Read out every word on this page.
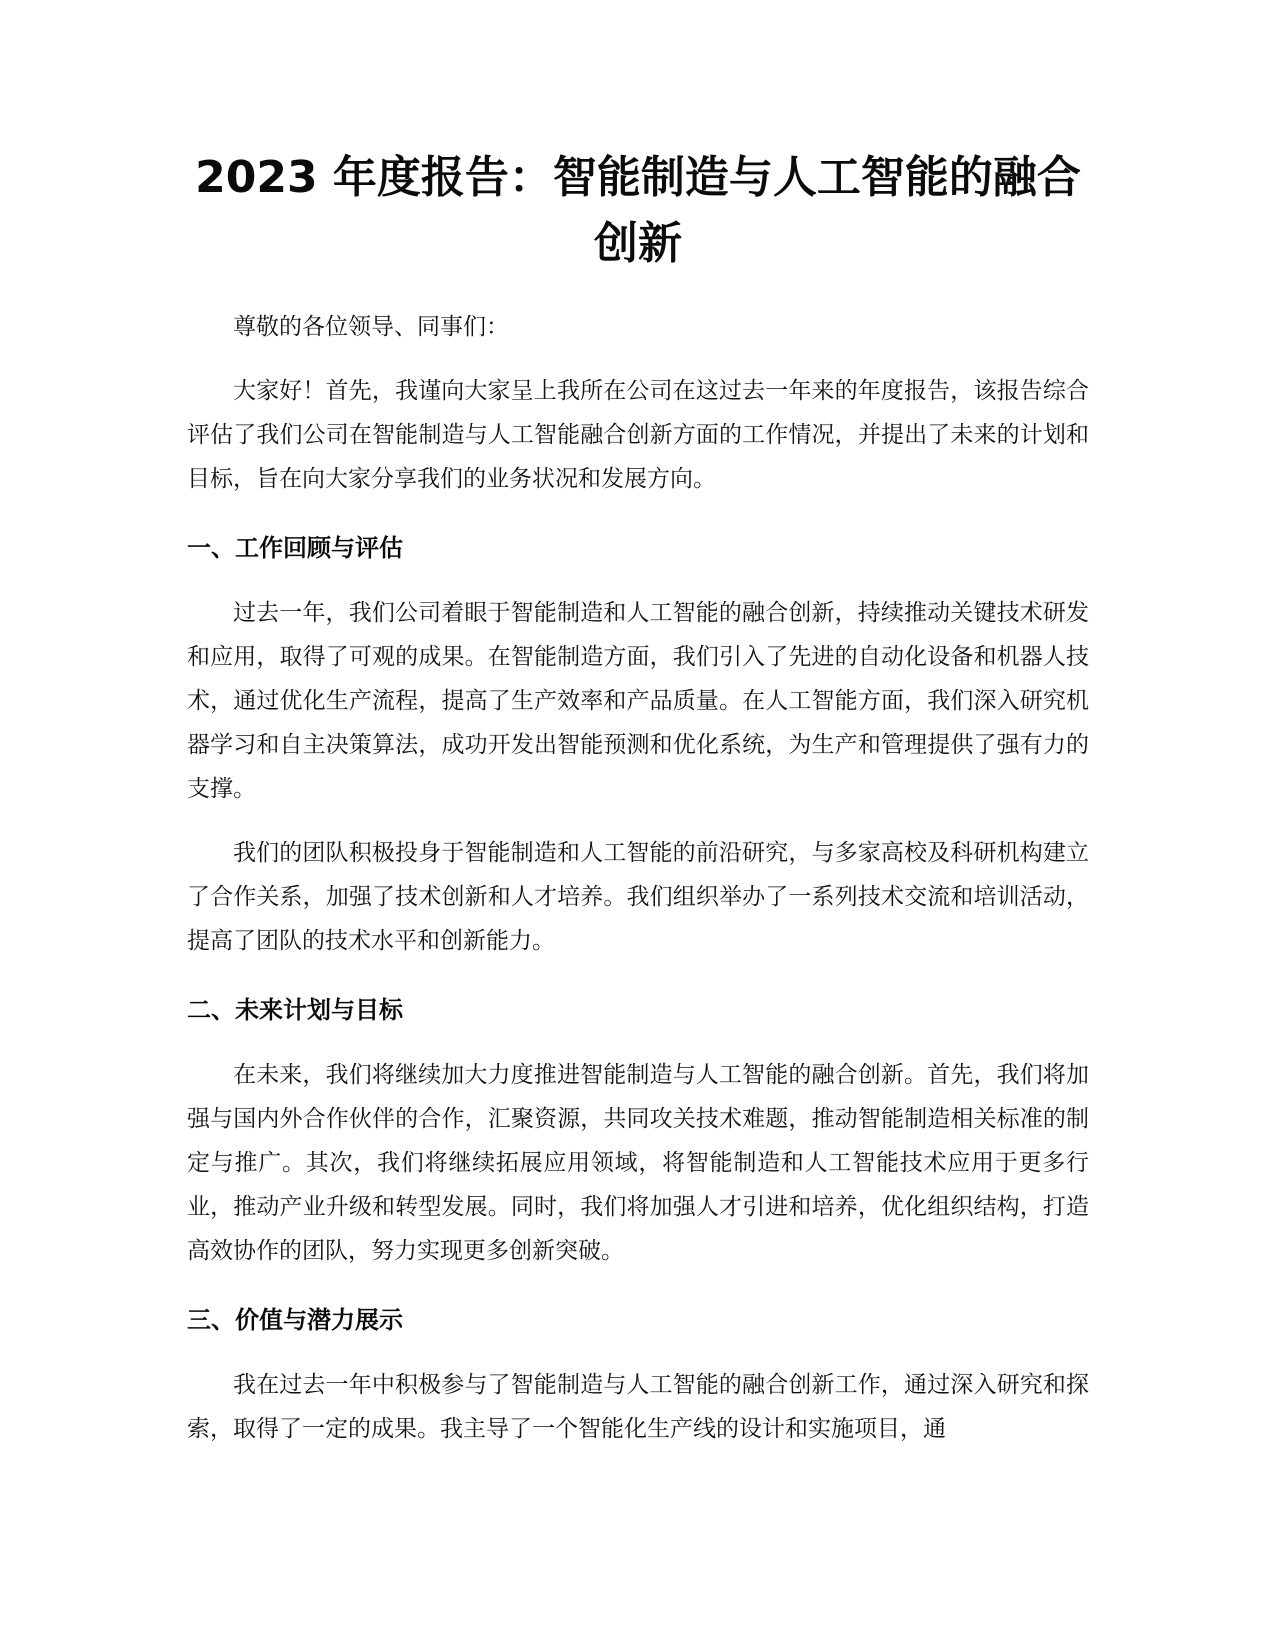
2023 年度报告：智能制造与人工智能的融合
创新

尊敬的各位领导、同事们：

大家好！首先，我谨向大家呈上我所在公司在这过去一年来的年度报告，该报告综合评估了我们公司在智能制造与人工智能融合创新方面的工作情况，并提出了未来的计划和目标，旨在向大家分享我们的业务状况和发展方向。

一、工作回顾与评估

过去一年，我们公司着眼于智能制造和人工智能的融合创新，持续推动关键技术研发和应用，取得了可观的成果。在智能制造方面，我们引入了先进的自动化设备和机器人技术，通过优化生产流程，提高了生产效率和产品质量。在人工智能方面，我们深入研究机器学习和自主决策算法，成功开发出智能预测和优化系统，为生产和管理提供了强有力的支撑。

我们的团队积极投身于智能制造和人工智能的前沿研究，与多家高校及科研机构建立了合作关系，加强了技术创新和人才培养。我们组织举办了一系列技术交流和培训活动，提高了团队的技术水平和创新能力。

二、未来计划与目标

在未来，我们将继续加大力度推进智能制造与人工智能的融合创新。首先，我们将加强与国内外合作伙伴的合作，汇聚资源，共同攻关技术难题，推动智能制造相关标准的制定与推广。其次，我们将继续拓展应用领域，将智能制造和人工智能技术应用于更多行业，推动产业升级和转型发展。同时，我们将加强人才引进和培养，优化组织结构，打造高效协作的团队，努力实现更多创新突破。

三、价值与潜力展示

我在过去一年中积极参与了智能制造与人工智能的融合创新工作，通过深入研究和探索，取得了一定的成果。我主导了一个智能化生产线的设计和实施项目，通
